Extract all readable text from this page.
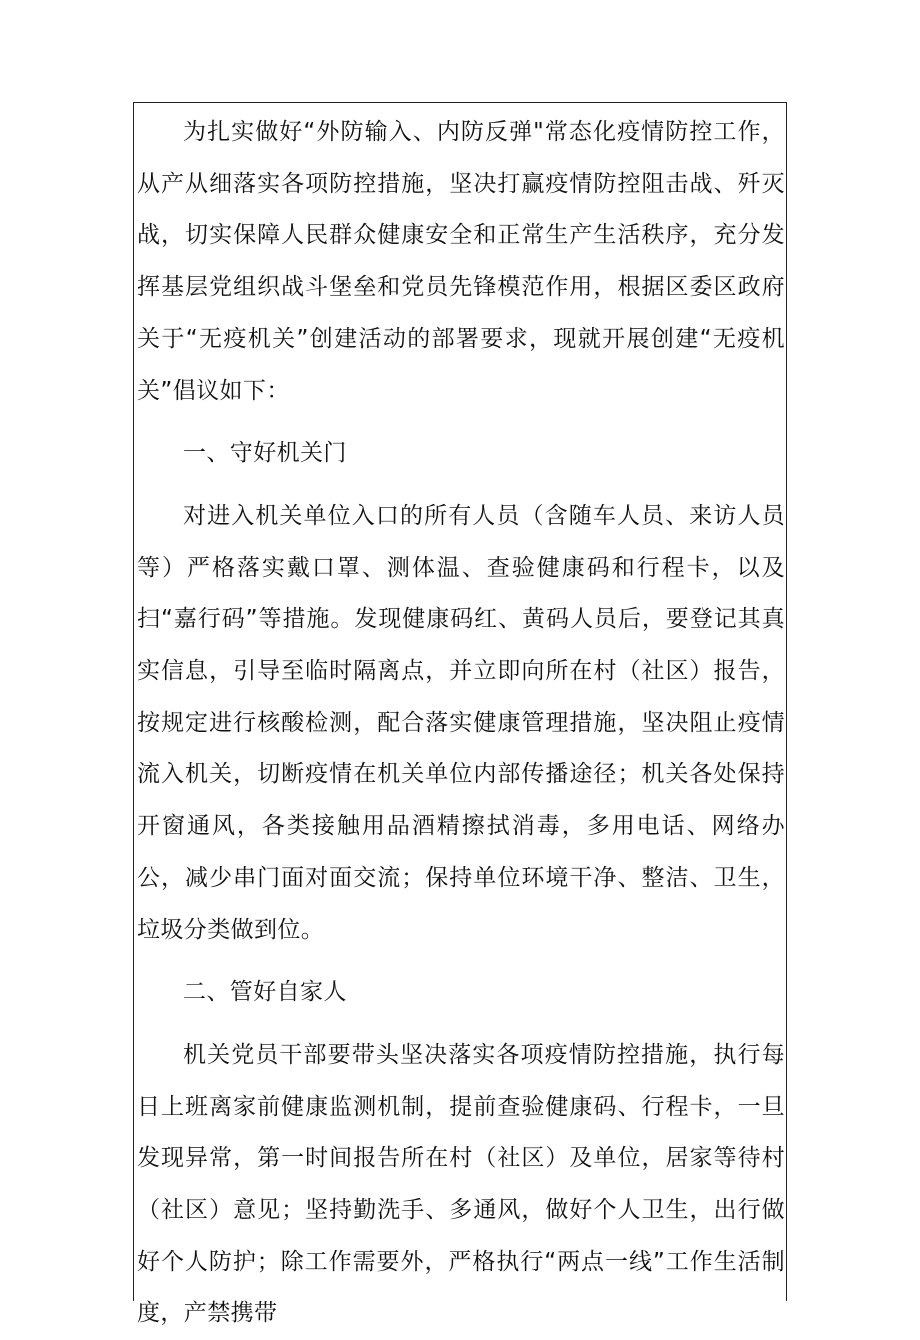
为扎实做好“外防输入、内防反弹"常态化疫情防控工作，从产从细落实各项防控措施，坚决打赢疫情防控阻击战、歼灭战，切实保障人民群众健康安全和正常生产生活秩序，充分发挥基层党组织战斗堡垒和党员先锋模范作用，根据区委区政府关于“无疫机关”创建活动的部署要求，现就开展创建“无疫机关”倡议如下：

一、守好机关门

对进入机关单位入口的所有人员（含随车人员、来访人员等）严格落实戴口罩、测体温、查验健康码和行程卡，以及扫“嘉行码”等措施。发现健康码红、黄码人员后，要登记其真实信息，引导至临时隔离点，并立即向所在村（社区）报告，按规定进行核酸检测，配合落实健康管理措施，坚决阻止疫情流入机关，切断疫情在机关单位内部传播途径；机关各处保持开窗通风，各类接触用品酒精擦拭消毒，多用电话、网络办公，减少串门面对面交流；保持单位环境干净、整洁、卫生，垃圾分类做到位。

二、管好自家人

机关党员干部要带头坚决落实各项疫情防控措施，执行每日上班离家前健康监测机制，提前查验健康码、行程卡，一旦发现异常，第一时间报告所在村（社区）及单位，居家等待村（社区）意见；坚持勤洗手、多通风，做好个人卫生，出行做好个人防护；除工作需要外，严格执行“两点一线”工作生活制度，产禁携带
